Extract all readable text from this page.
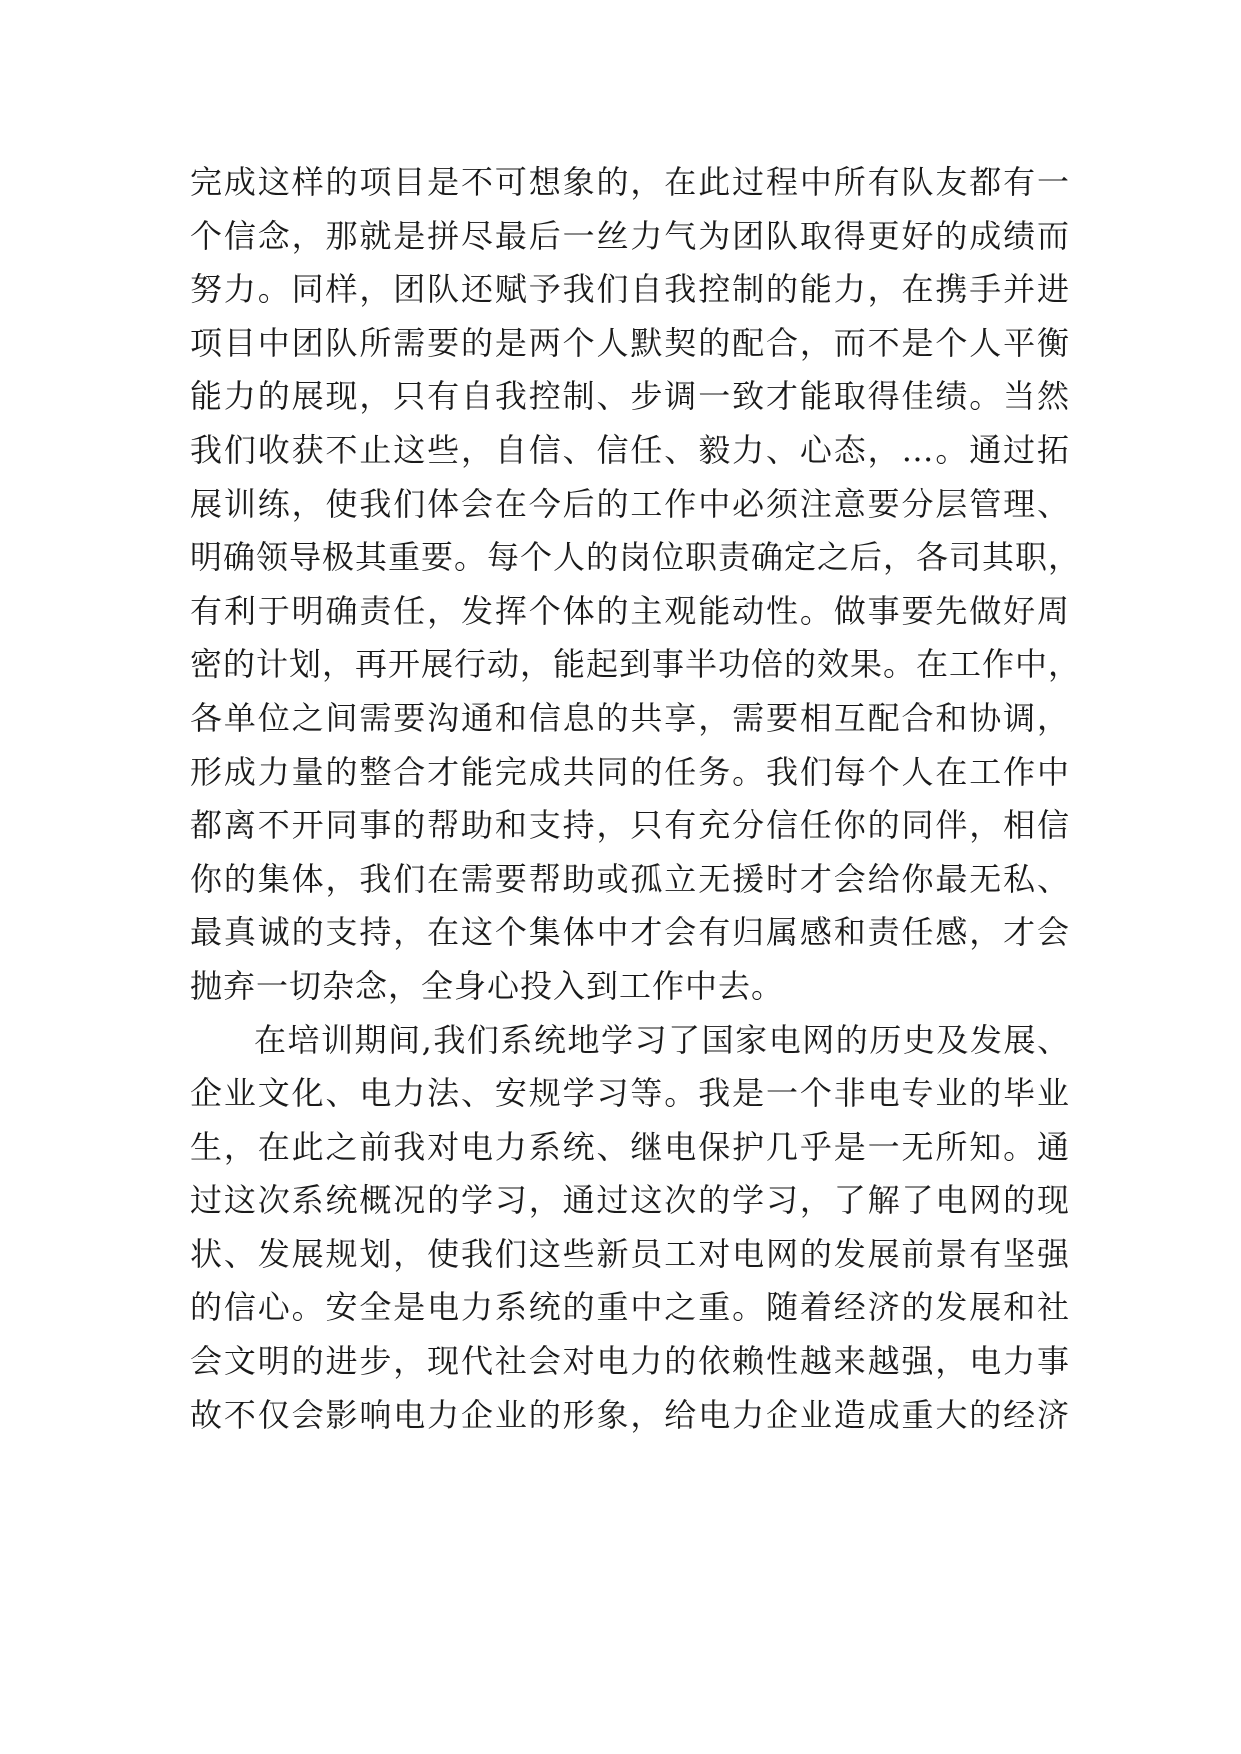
完成这样的项目是不可想象的，在此过程中所有队友都有一
个信念，那就是拼尽最后一丝力气为团队取得更好的成绩而
努力。同样，团队还赋予我们自我控制的能力，在携手并进
项目中团队所需要的是两个人默契的配合，而不是个人平衡
能力的展现，只有自我控制、步调一致才能取得佳绩。当然
我们收获不止这些，自信、信任、毅力、心态，…。通过拓
展训练，使我们体会在今后的工作中必须注意要分层管理、
明确领导极其重要。每个人的岗位职责确定之后，各司其职，
有利于明确责任，发挥个体的主观能动性。做事要先做好周
密的计划，再开展行动，能起到事半功倍的效果。在工作中，
各单位之间需要沟通和信息的共享，需要相互配合和协调，
形成力量的整合才能完成共同的任务。我们每个人在工作中
都离不开同事的帮助和支持，只有充分信任你的同伴，相信
你的集体，我们在需要帮助或孤立无援时才会给你最无私、
最真诚的支持，在这个集体中才会有归属感和责任感，才会
抛弃一切杂念，全身心投入到工作中去。
在培训期间,我们系统地学习了国家电网的历史及发展、
企业文化、电力法、安规学习等。我是一个非电专业的毕业
生，在此之前我对电力系统、继电保护几乎是一无所知。通
过这次系统概况的学习，通过这次的学习，了解了电网的现
状、发展规划，使我们这些新员工对电网的发展前景有坚强
的信心。安全是电力系统的重中之重。随着经济的发展和社
会文明的进步，现代社会对电力的依赖性越来越强，电力事
故不仅会影响电力企业的形象，给电力企业造成重大的经济
